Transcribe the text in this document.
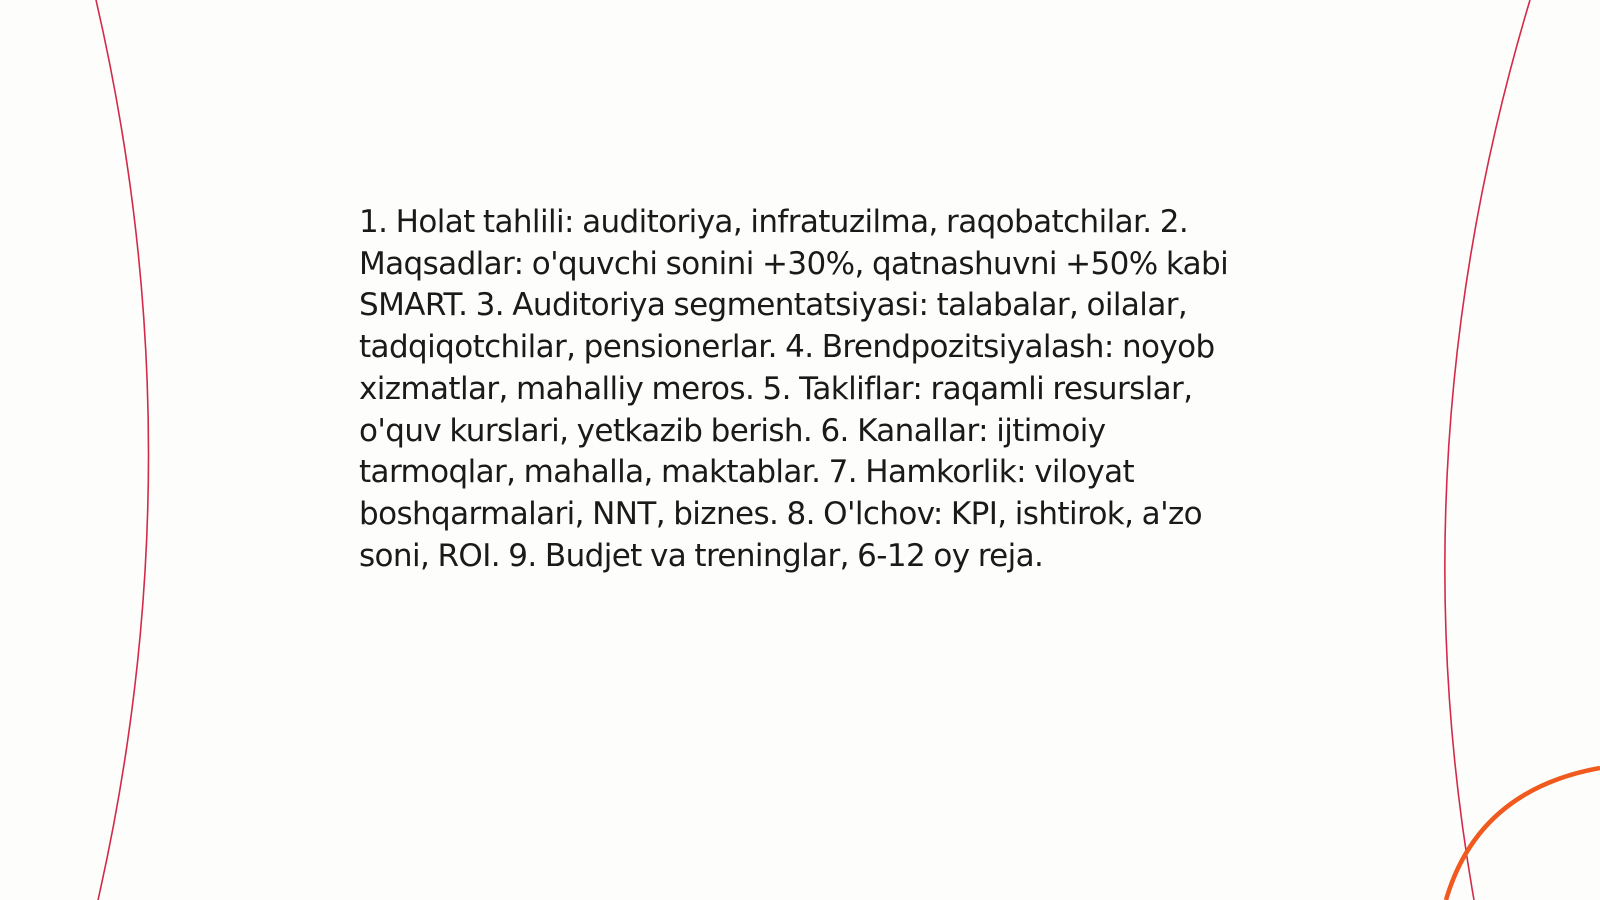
1. Holat tahlili: auditoriya, infratuzilma, raqobatchilar. 2. Maqsadlar: o'quvchi sonini +30%, qatnashuvni +50% kabi SMART. 3. Auditoriya segmentatsiyasi: talabalar, oilalar, tadqiqotchilar, pensionerlar. 4. Brendpozitsiyalash: noyob xizmatlar, mahalliy meros. 5. Takliflar: raqamli resurslar, o'quv kurslari, yetkazib berish. 6. Kanallar: ijtimoiy tarmoqlar, mahalla, maktablar. 7. Hamkorlik: viloyat boshqarmalari, NNT, biznes. 8. O'lchov: KPI, ishtirok, a'zo soni, ROI. 9. Budjet va treninglar, 6-12 oy reja.
